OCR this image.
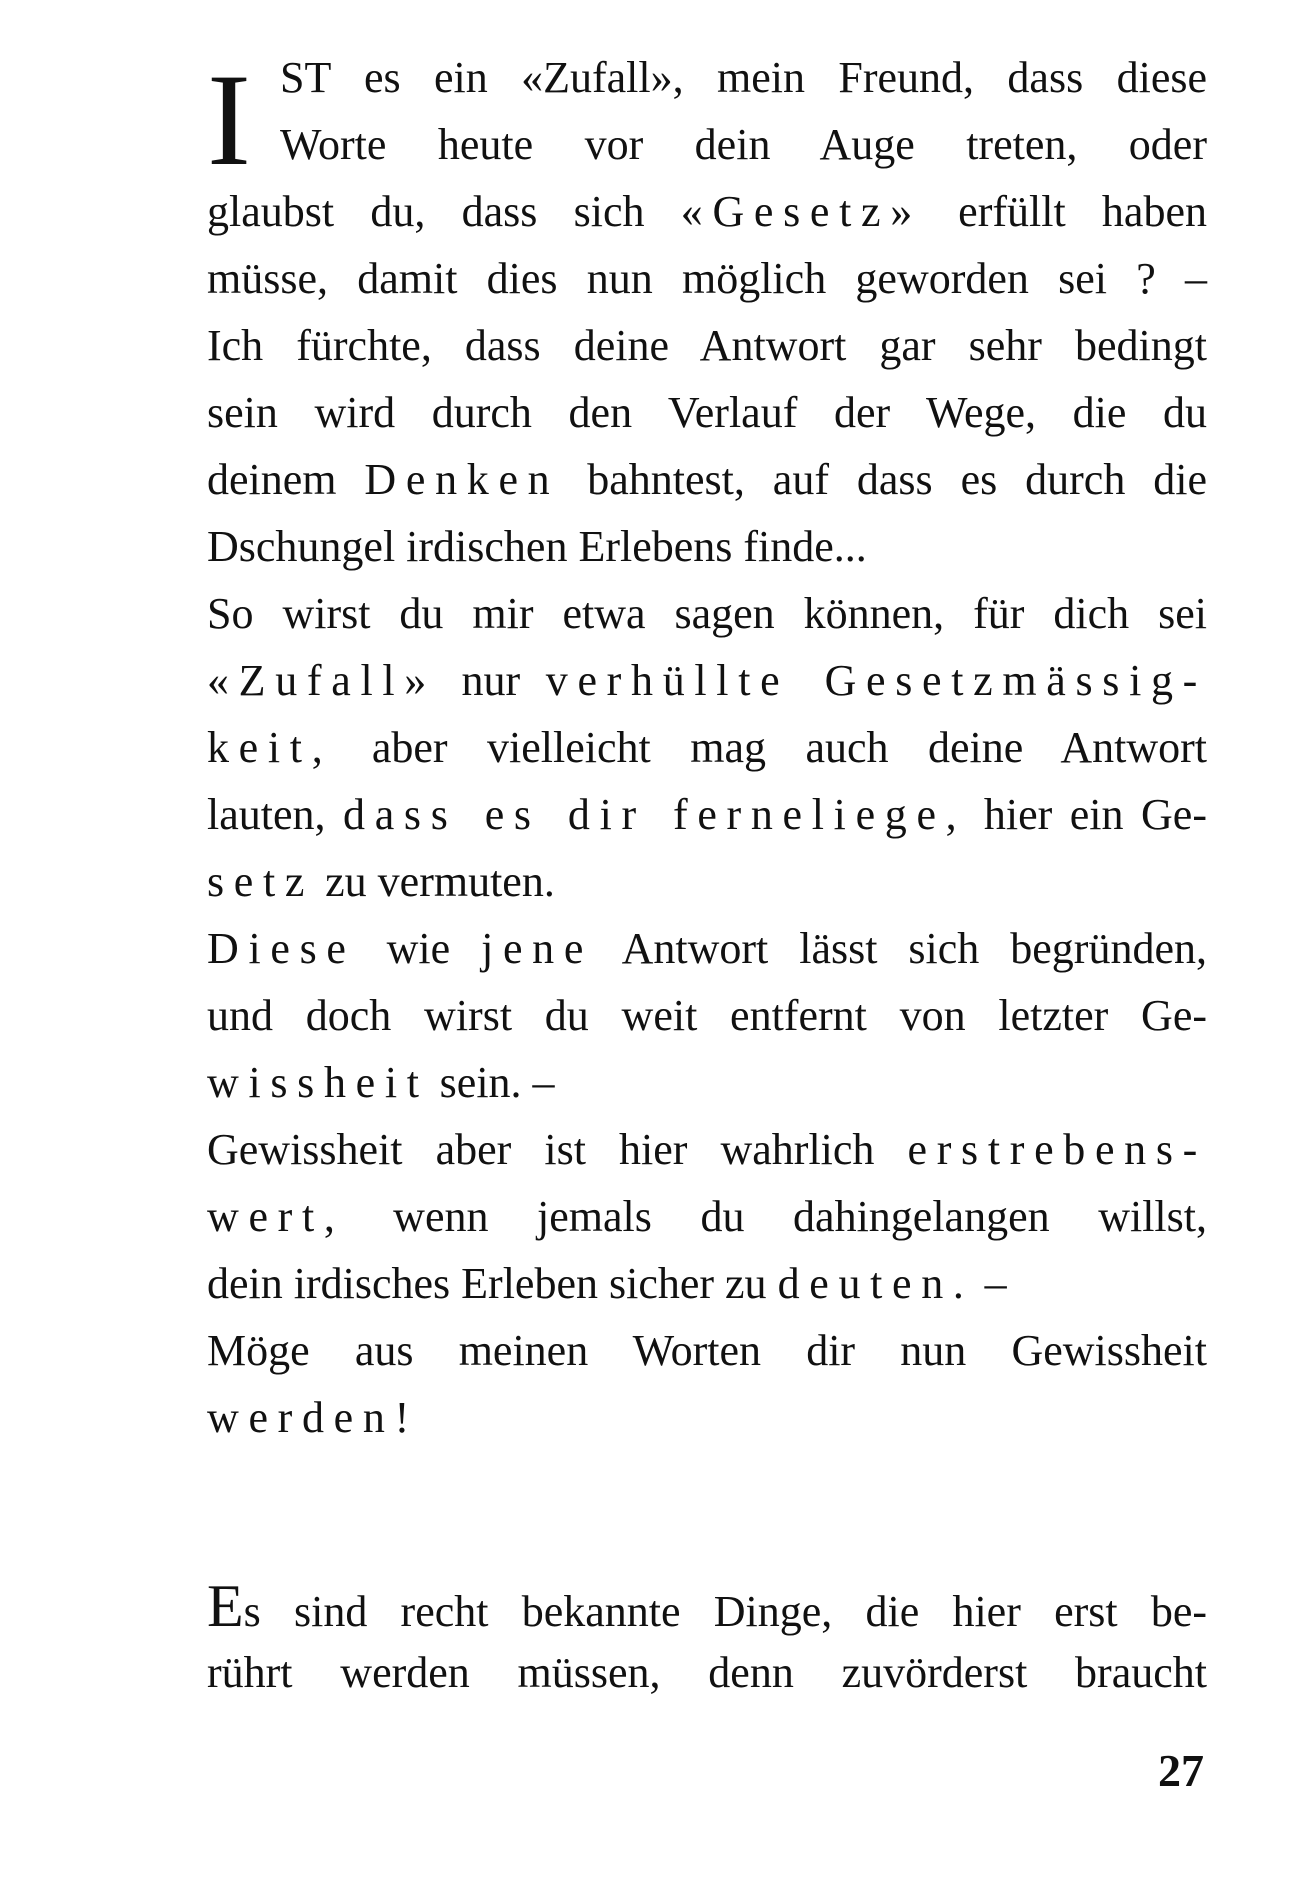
I ST es ein «Zufall», mein Freund, dass diese
Worte heute vor dein Auge treten, oder
glaubst du, dass sich «Gesetz» erfüllt haben
müsse, damit dies nun möglich geworden sei ? –
Ich fürchte, dass deine Antwort gar sehr bedingt
sein wird durch den Verlauf der Wege, die du
deinem Denken bahntest, auf dass es durch die
Dschungel irdischen Erlebens finde...
So wirst du mir etwa sagen können, für dich sei
«Zufall» nur verhüllte Gesetzmässig-
keit, aber vielleicht mag auch deine Antwort
lauten, dass es dir ferneliege, hier ein Ge-
setz zu vermuten.
Diese wie jene Antwort lässt sich begründen,
und doch wirst du weit entfernt von letzter Ge-
wissheit sein. –
Gewissheit aber ist hier wahrlich erstrebens-
wert, wenn jemals du dahingelangen willst,
dein irdisches Erleben sicher zu deuten. –
Möge aus meinen Worten dir nun Gewissheit
werden!
Es sind recht bekannte Dinge, die hier erst be-
rührt werden müssen, denn zuvörderst braucht
27
